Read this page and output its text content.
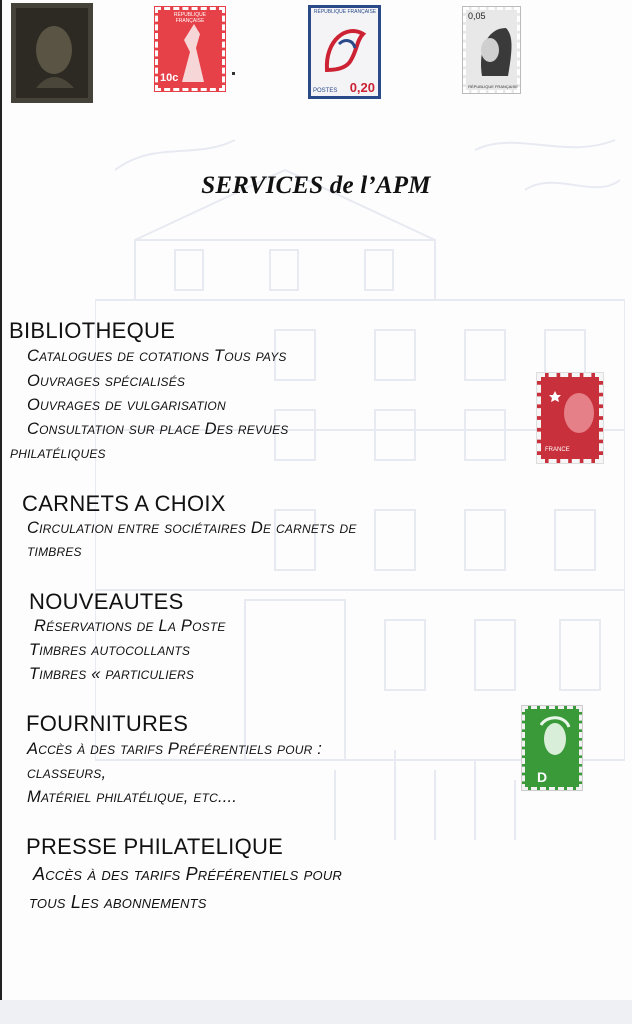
RÉPUBLIQUE FRANÇAISE
10c
RÉPUBLIQUE FRANÇAISE
POSTES 0,20
0,05
RÉPUBLIQUE FRANÇAISE
FRANCE
D
SERVICES de l’APM
BIBLIOTHEQUE
Catalogues de cotations Tous pays
Ouvrages spécialisés
Ouvrages de vulgarisation
Consultation sur place Des revues
philatéliques
CARNETS A CHOIX
Circulation entre sociétaires De carnets de
timbres
NOUVEAUTES
Réservations de La Poste
Timbres autocollants
Timbres « particuliers
FOURNITURES
Accès à des tarifs Préférentiels pour :
classeurs,
Matériel philatélique, etc....
PRESSE PHILATELIQUE
Accès à des tarifs Préférentiels pour
tous Les abonnements
